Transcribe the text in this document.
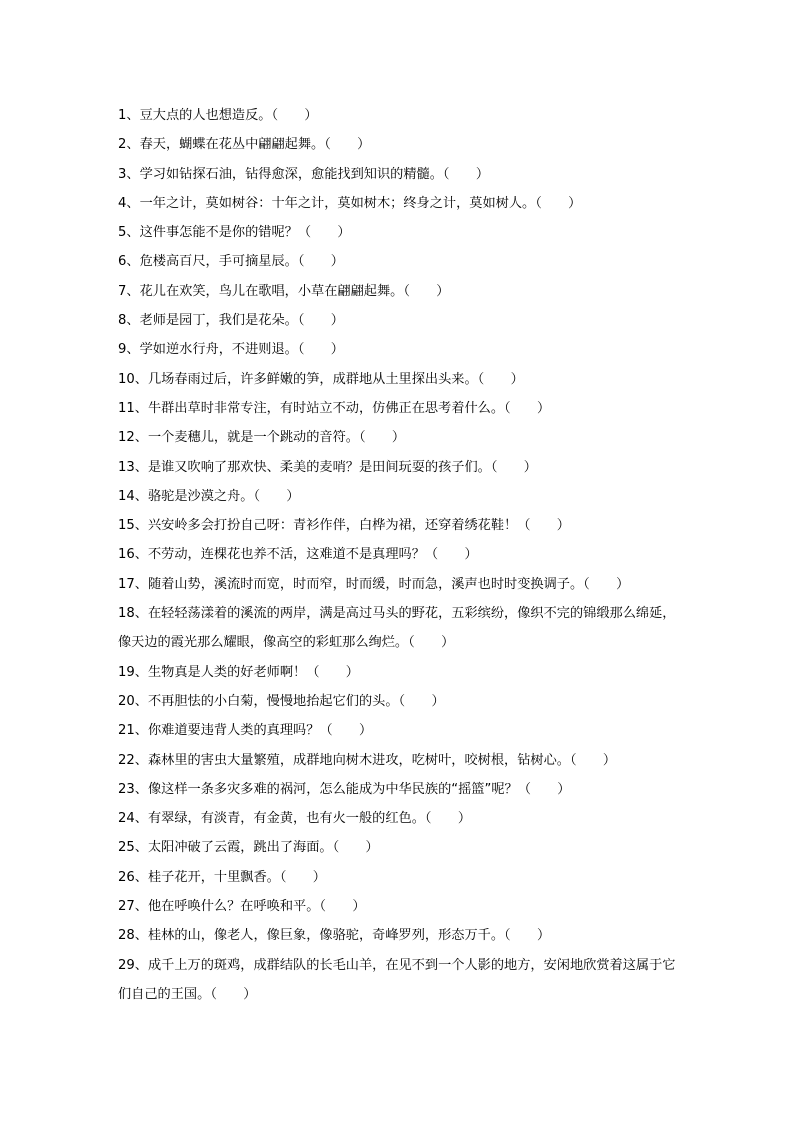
1、豆大点的人也想造反。（　　）
2、春天，蝴蝶在花丛中翩翩起舞。（　　）
3、学习如钻探石油，钻得愈深，愈能找到知识的精髓。（　　）
4、一年之计，莫如树谷：十年之计，莫如树木；终身之计，莫如树人。（　　）
5、这件事怎能不是你的错呢？（　　）
6、危楼高百尺，手可摘星辰。（　　）
7、花儿在欢笑，鸟儿在歌唱，小草在翩翩起舞。（　　）
8、老师是园丁，我们是花朵。（　　）
9、学如逆水行舟，不进则退。（　　）
10、几场春雨过后，许多鲜嫩的笋，成群地从土里探出头来。（　　）
11、牛群出草时非常专注，有时站立不动，仿佛正在思考着什么。（　　）
12、一个麦穗儿，就是一个跳动的音符。（　　）
13、是谁又吹响了那欢快、柔美的麦哨？是田间玩耍的孩子们。（　　）
14、骆驼是沙漠之舟。（　　）
15、兴安岭多会打扮自己呀：青衫作伴，白桦为裙，还穿着绣花鞋！（　　）
16、不劳动，连棵花也养不活，这难道不是真理吗？（　　）
17、随着山势，溪流时而宽，时而窄，时而缓，时而急，溪声也时时变换调子。（　　）
18、在轻轻荡漾着的溪流的两岸，满是高过马头的野花，五彩缤纷，像织不完的锦缎那么绵延，像天边的霞光那么耀眼，像高空的彩虹那么绚烂。（　　）
19、生物真是人类的好老师啊！（　　）
20、不再胆怯的小白菊，慢慢地抬起它们的头。（　　）
21、你难道要违背人类的真理吗？（　　）
22、森林里的害虫大量繁殖，成群地向树木进攻，吃树叶，咬树根，钻树心。（　　）
23、像这样一条多灾多难的祸河，怎么能成为中华民族的“摇篮”呢？（　　）
24、有翠绿，有淡青，有金黄，也有火一般的红色。（　　）
25、太阳冲破了云霞，跳出了海面。（　　）
26、桂子花开，十里飘香。（　　）
27、他在呼唤什么？在呼唤和平。（　　）
28、桂林的山，像老人，像巨象，像骆驼，奇峰罗列，形态万千。（　　）
29、成千上万的斑鸡，成群结队的长毛山羊，在见不到一个人影的地方，安闲地欣赏着这属于它们自己的王国。（　　）
